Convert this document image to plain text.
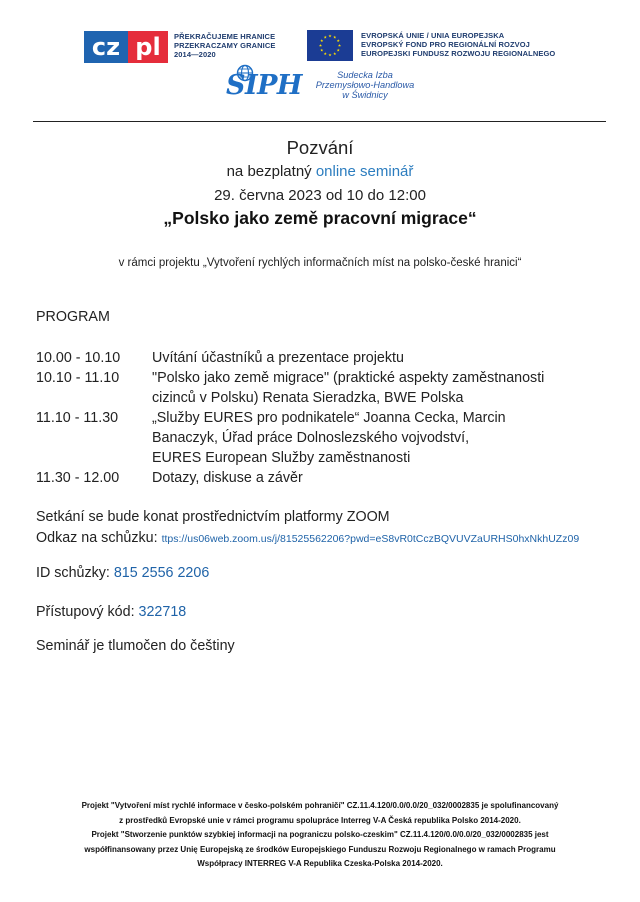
cz pl	PŘEKRAČUJEME HRANICE
PRZEKRACZAMY GRANICE
2014—2020
EVROPSKÁ UNIE / UNIA EUROPEJSKA
EVROPSKÝ FOND PRO REGIONÁLNÍ ROZVOJ
EUROPEJSKI FUNDUSZ ROZWOJU REGIONALNEGO
SIPH	Sudecka Izba
Przemysłowo-Handlowa
w Świdnicy
Pozvání
na bezplatný online seminář
29. června 2023 od 10 do 12:00
„Polsko jako země pracovní migrace“
v rámci projektu „Vytvoření rychlých informačních míst na polsko-české hranici“
PROGRAM
10.00 - 10.10 Uvítání účastníků a prezentace projektu
10.10 - 11.10 "Polsko jako země migrace" (praktické aspekty zaměstnanosti
cizinců v Polsku) Renata Sieradzka, BWE Polska
11.10 - 11.30 „Služby EURES pro podnikatele“ Joanna Cecka, Marcin
Banaczyk, Úřad práce Dolnoslezského vojvodství,
EURES European Služby zaměstnanosti
11.30 - 12.00 Dotazy, diskuse a závěr
Setkání se bude konat prostřednictvím platformy ZOOM
Odkaz na schůzku: ttps://us06web.zoom.us/j/81525562206?pwd=eS8vR0tCczBQVUVZaURHS0hxNkhUZz09
ID schůzky: 815 2556 2206
Přístupový kód: 322718
Seminář je tlumočen do češtiny
Projekt "Vytvoření míst rychlé informace v česko-polském pohraničí" CZ.11.4.120/0.0/0.0/20_032/0002835 je spolufinancovaný
z prostředků Evropské unie v rámci programu spolupráce Interreg V-A Česká republika Polsko 2014-2020.
Projekt "Stworzenie punktów szybkiej informacji na pograniczu polsko-czeskim" CZ.11.4.120/0.0/0.0/20_032/0002835 jest
współfinansowany przez Unię Europejską ze środków Europejskiego Funduszu Rozwoju Regionalnego w ramach Programu
Współpracy INTERREG V-A Republika Czeska-Polska 2014-2020.
